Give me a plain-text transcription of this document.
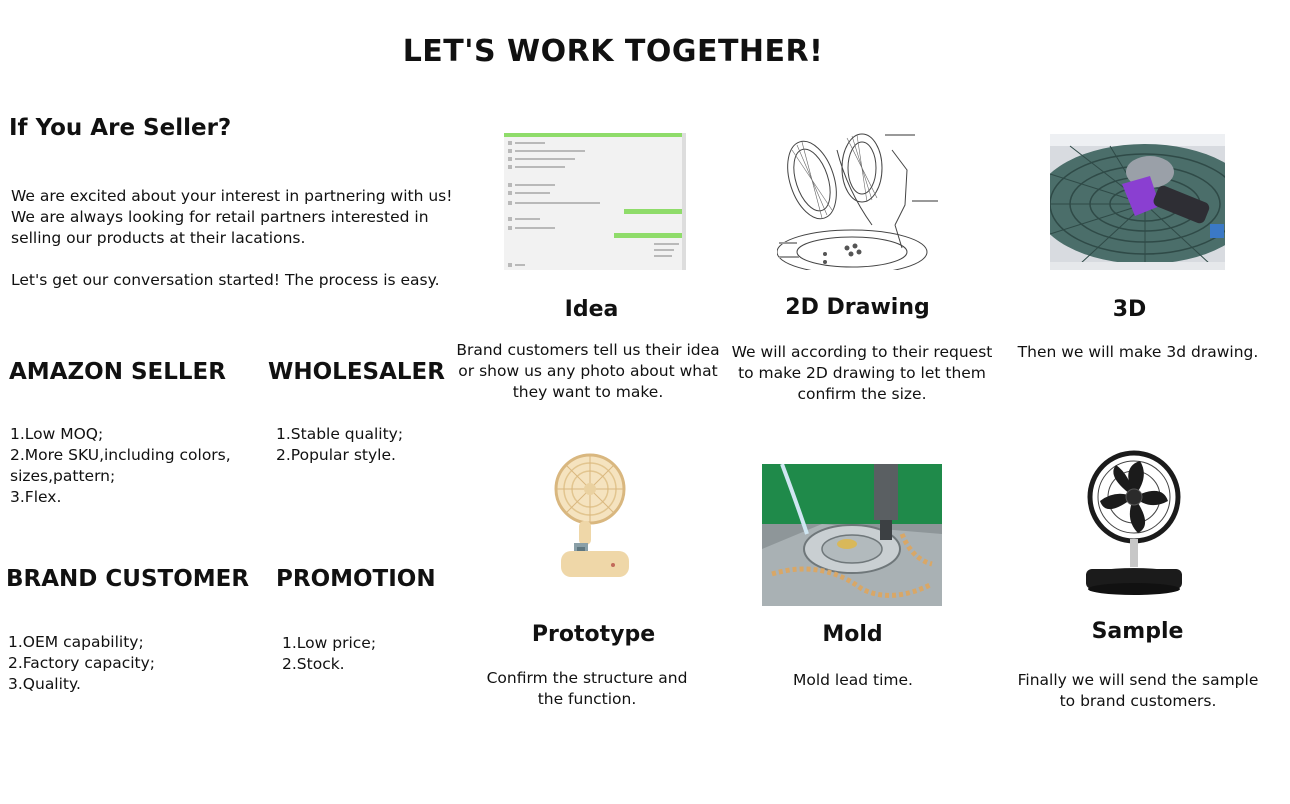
LET'S WORK TOGETHER!
If You Are Seller?

We are excited about your interest in partnering with us! We are always looking for retail partners interested in selling our products at their lacations.

Let's get our conversation started! The process is easy.

AMAZON SELLER
1.Low MOQ;
2.More SKU,including colors, sizes,pattern;
3.Flex.
WHOLESALER
1.Stable quality;
2.Popular style.
BRAND CUSTOMER
1.OEM capability;
2.Factory capacity;
3.Quality.
PROMOTION
1.Low price;
2.Stock.
Idea
Brand customers tell us their idea or show us any photo about what they want to make.
2D Drawing
We will according to their request to make 2D drawing to let them confirm the size.
3D
Then we will make 3d drawing.
Prototype
Confirm the structure and the function.
Mold
Mold lead time.
Sample
Finally we will send the sample to brand customers.
